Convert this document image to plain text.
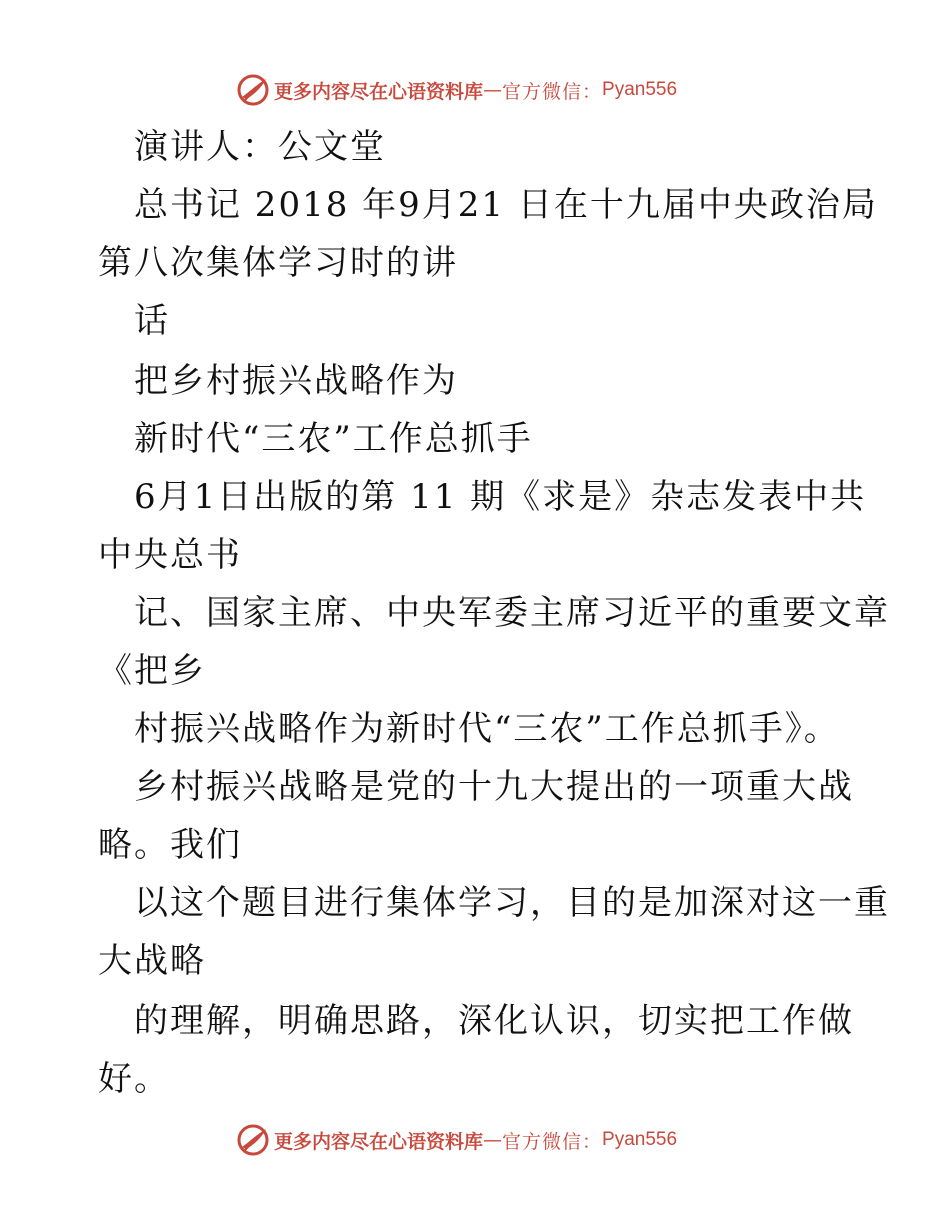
更多内容尽在心语资料库 — 官方微信： Pyan556

演讲人：公文堂

总书记 2018 年9月21 日在十九届中央政治局

第八次集体学习时的讲

话

把乡村振兴战略作为

新时代“三农”工作总抓手

6月1日出版的第 11 期《求是》杂志发表中共

中央总书

记、国家主席、中央军委主席习近平的重要文章

《把乡

村振兴战略作为新时代“三农”工作总抓手》。

乡村振兴战略是党的十九大提出的一项重大战

略。我们

以这个题目进行集体学习，目的是加深对这一重

大战略

的理解，明确思路，深化认识，切实把工作做

好。

更多内容尽在心语资料库 — 官方微信： Pyan556
